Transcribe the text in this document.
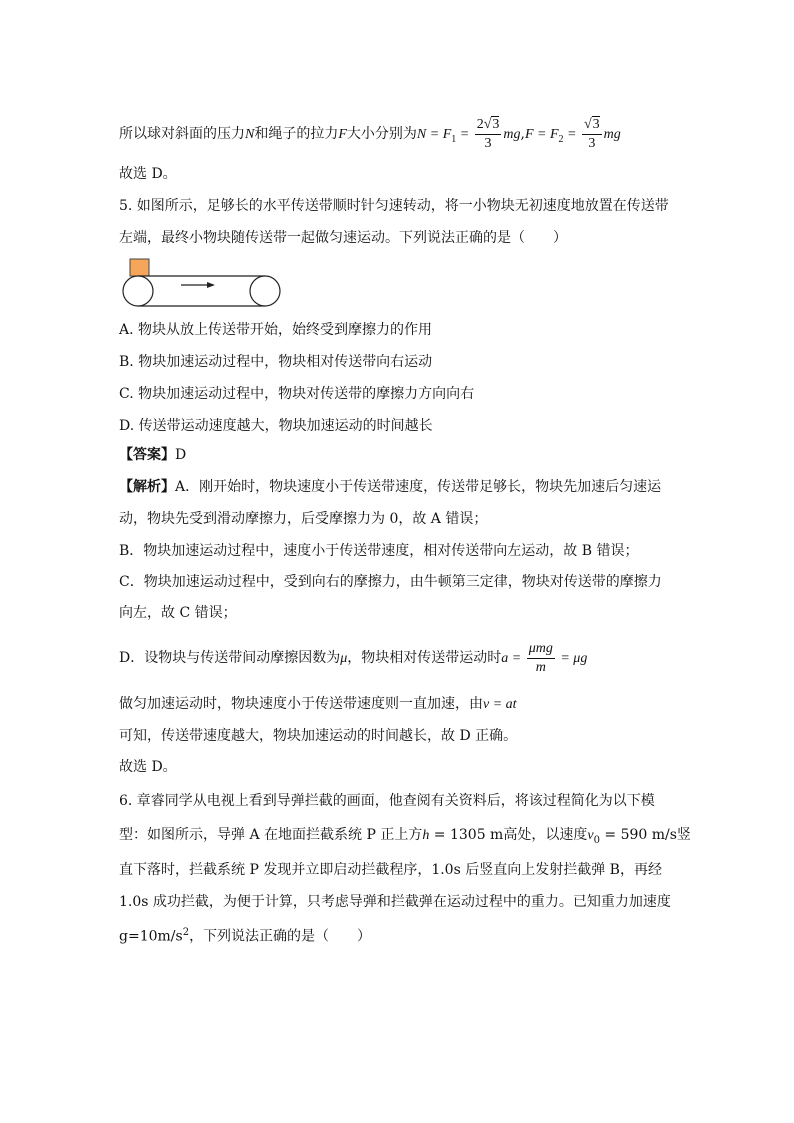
所以球对斜面的压力N和绳子的拉力F大小分别为$N = F_1 = \frac{2√3}{3} mg,F = F_2 = \frac{√3}{3}$ mg
故选 D。
5. 如图所示，足够长的水平传送带顺时针匀速转动，将一小物块无初速度地放置在传送带
左端，最终小物块随传送带一起做匀速运动。下列说法正确的是（　　）
A. 物块从放上传送带开始，始终受到摩擦力的作用
B. 物块加速运动过程中，物块相对传送带向右运动
C. 物块加速运动过程中，物块对传送带的摩擦力方向向右
D. 传送带运动速度越大，物块加速运动的时间越长
【答案】D
【解析】A．刚开始时，物块速度小于传送带速度，传送带足够长，物块先加速后匀速运
动，物块先受到滑动摩擦力，后受摩擦力为 0，故 A 错误；
B．物块加速运动过程中，速度小于传送带速度，相对传送带向左运动，故 B 错误；
C．物块加速运动过程中，受到向右的摩擦力，由牛顿第三定律，物块对传送带的摩擦力
向左，故 C 错误；
D．设物块与传送带间动摩擦因数为μ，物块相对传送带运动时$a = \frac{\text{μmg}}{m} = \mu g$
做匀加速运动时，物块速度小于传送带速度则一直加速，由v = at
可知，传送带速度越大，物块加速运动的时间越长，故 D 正确。
故选 D。
6. 章睿同学从电视上看到导弹拦截的画面，他查阅有关资料后，将该过程简化为以下模
型：如图所示，导弹 A 在地面拦截系统 P 正上方h = 1305 m高处，以速度$v_0 = 590$ m/s竖
直下落时，拦截系统 P 发现并立即启动拦截程序，1.0s 后竖直向上发射拦截弹 B，再经
1.0s 成功拦截，为便于计算，只考虑导弹和拦截弹在运动过程中的重力。已知重力加速度
$g=10m/s^2$，下列说法正确的是（　　）
